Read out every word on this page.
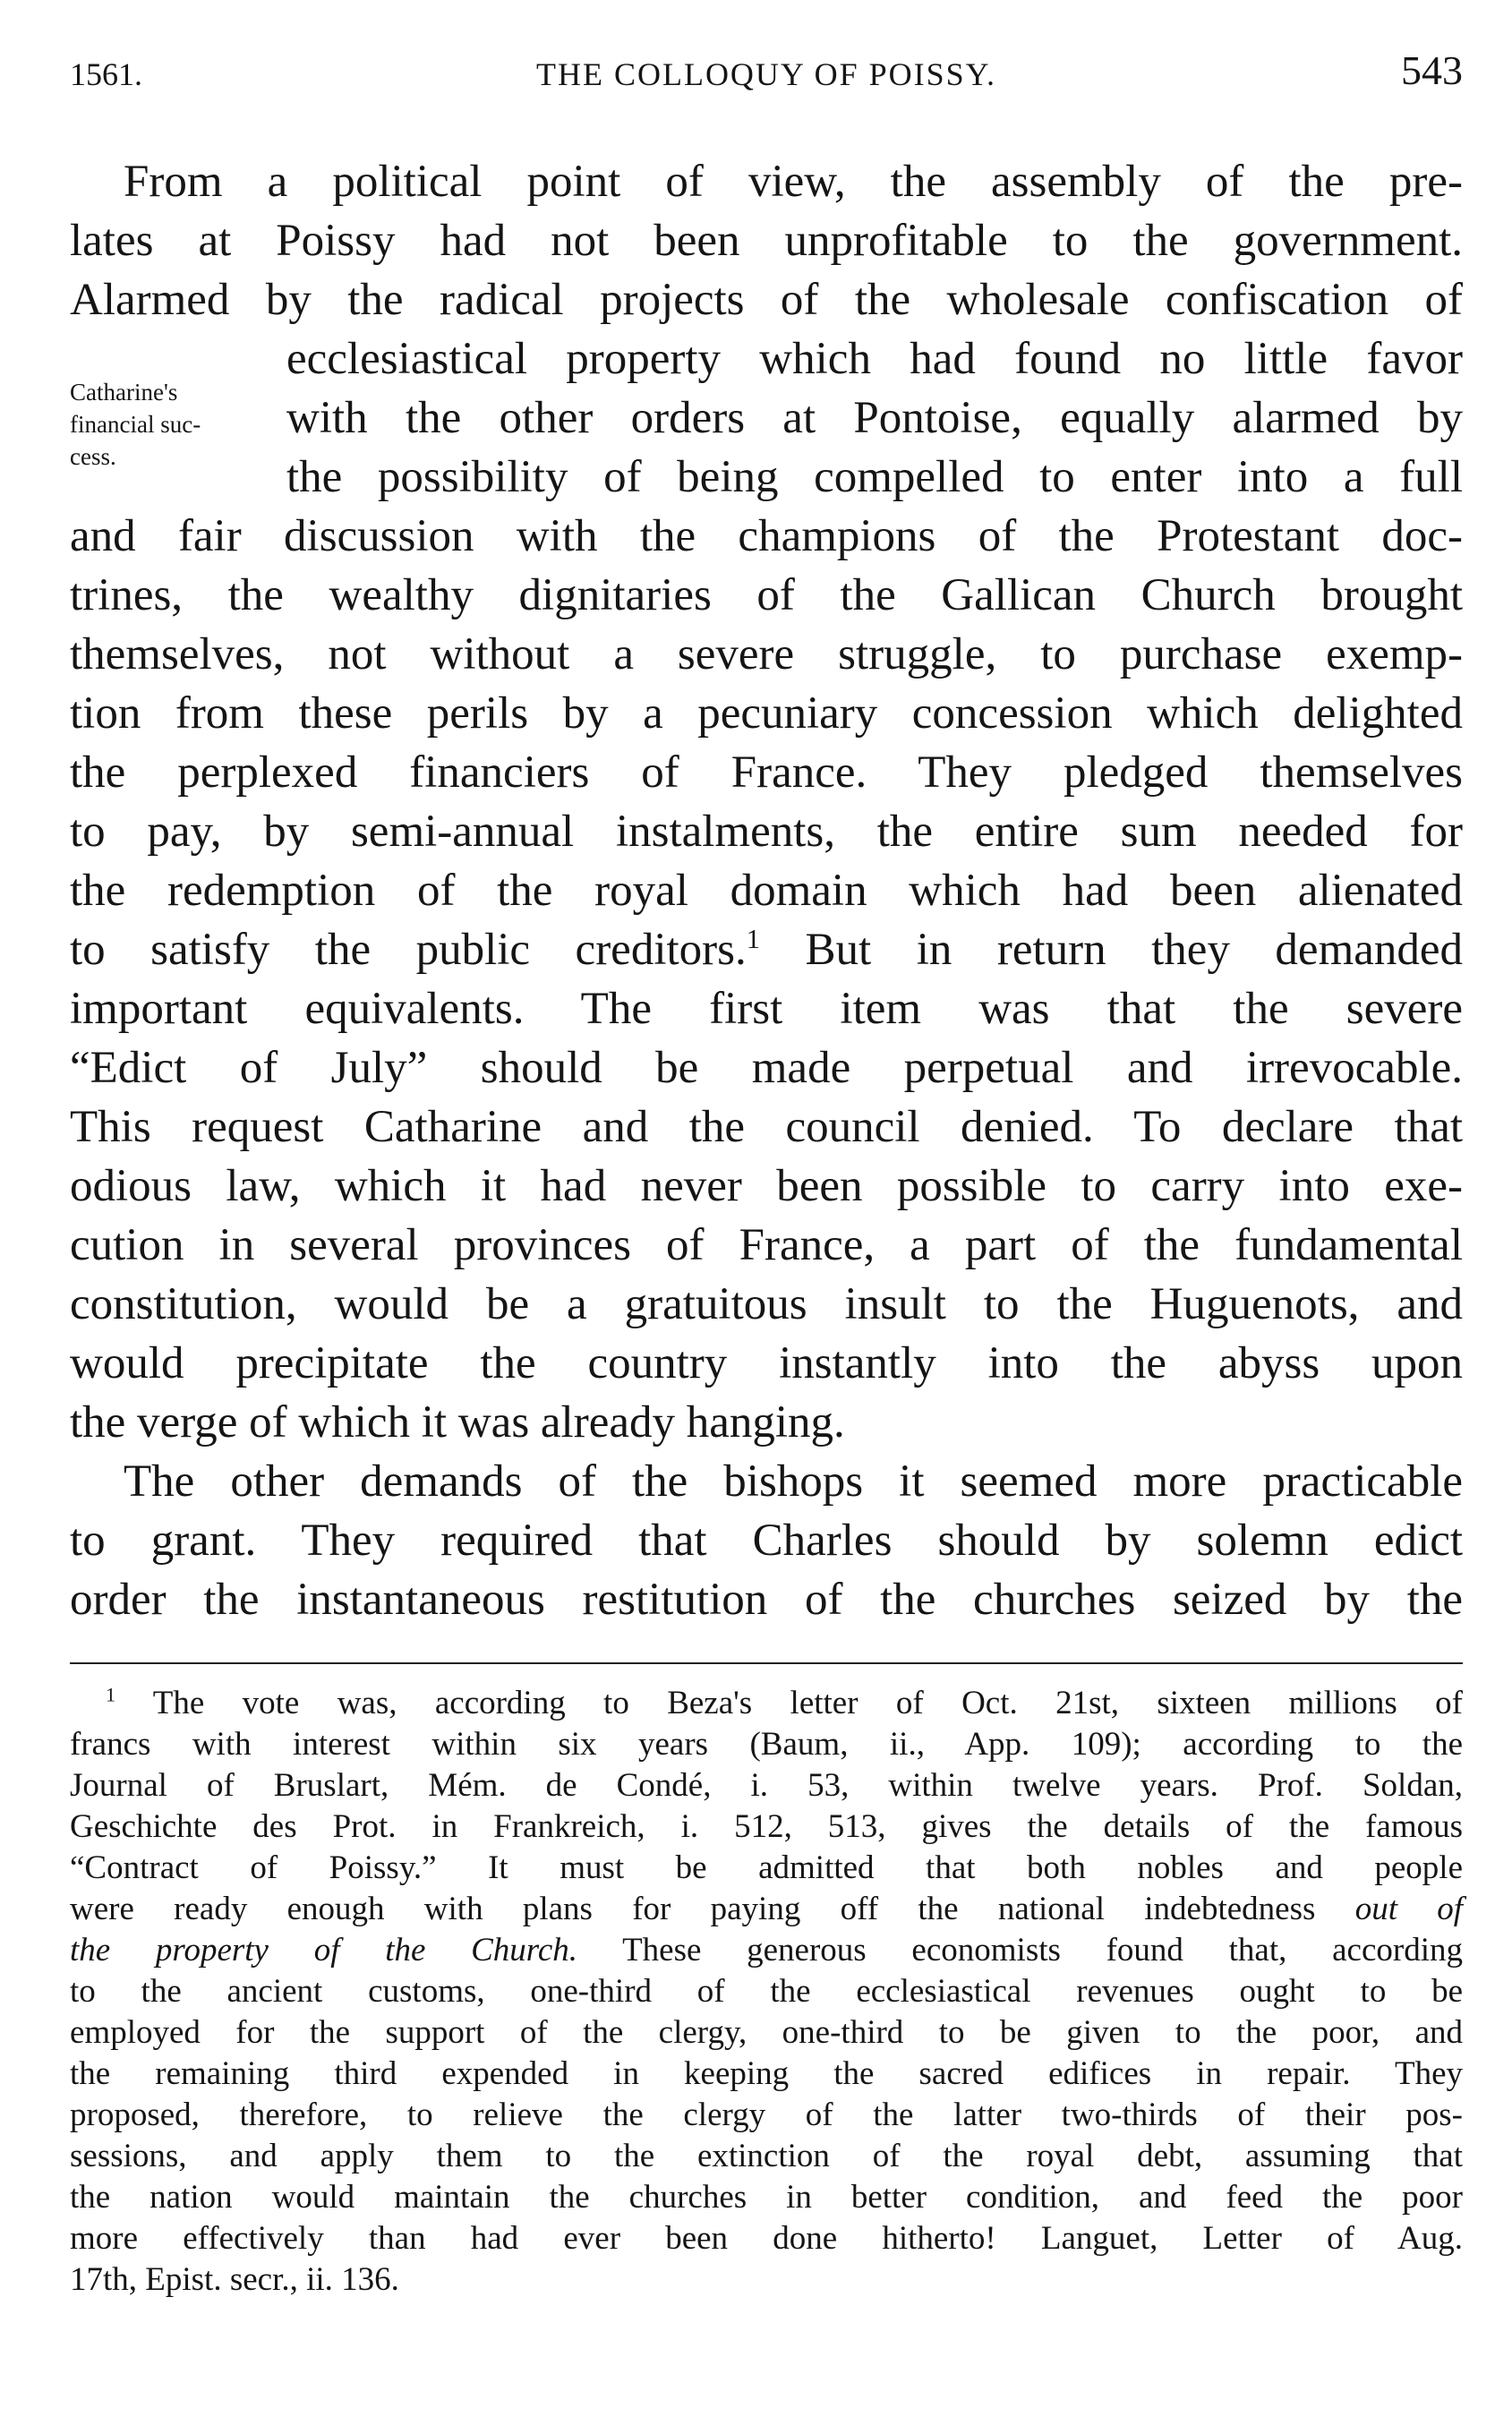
1561.	THE COLLOQUY OF POISSY.	543
Catharine's
financial suc-
cess.
From a political point of view, the assembly of the pre-
lates at Poissy had not been unprofitable to the government.
Alarmed by the radical projects of the wholesale confiscation of
ecclesiastical property which had found no little favor
with the other orders at Pontoise, equally alarmed by
the possibility of being compelled to enter into a full
and fair discussion with the champions of the Protestant doc-
trines, the wealthy dignitaries of the Gallican Church brought
themselves, not without a severe struggle, to purchase exemp-
tion from these perils by a pecuniary concession which delighted
the perplexed financiers of France. They pledged themselves
to pay, by semi-annual instalments, the entire sum needed for
the redemption of the royal domain which had been alienated
to satisfy the public creditors.$^1$ But in return they demanded
important equivalents. The first item was that the severe
“Edict of July” should be made perpetual and irrevocable.
This request Catharine and the council denied. To declare that
odious law, which it had never been possible to carry into exe-
cution in several provinces of France, a part of the fundamental
constitution, would be a gratuitous insult to the Huguenots, and
would precipitate the country instantly into the abyss upon
the verge of which it was already hanging.
The other demands of the bishops it seemed more practicable
to grant. They required that Charles should by solemn edict
order the instantaneous restitution of the churches seized by the
$^1$ The vote was, according to Beza's letter of Oct. 21st, sixteen millions of
francs with interest within six years (Baum, ii., App. 109); according to the
Journal of Bruslart, Mém. de Condé, i. 53, within twelve years. Prof. Soldan,
Geschichte des Prot. in Frankreich, i. 512, 513, gives the details of the famous
“Contract of Poissy.” It must be admitted that both nobles and people
were ready enough with plans for paying off the national indebtedness out of
the property of the Church. These generous economists found that, according
to the ancient customs, one-third of the ecclesiastical revenues ought to be
employed for the support of the clergy, one-third to be given to the poor, and
the remaining third expended in keeping the sacred edifices in repair. They
proposed, therefore, to relieve the clergy of the latter two-thirds of their pos-
sessions, and apply them to the extinction of the royal debt, assuming that
the nation would maintain the churches in better condition, and feed the poor
more effectively than had ever been done hitherto! Languet, Letter of Aug.
17th, Epist. secr., ii. 136.
